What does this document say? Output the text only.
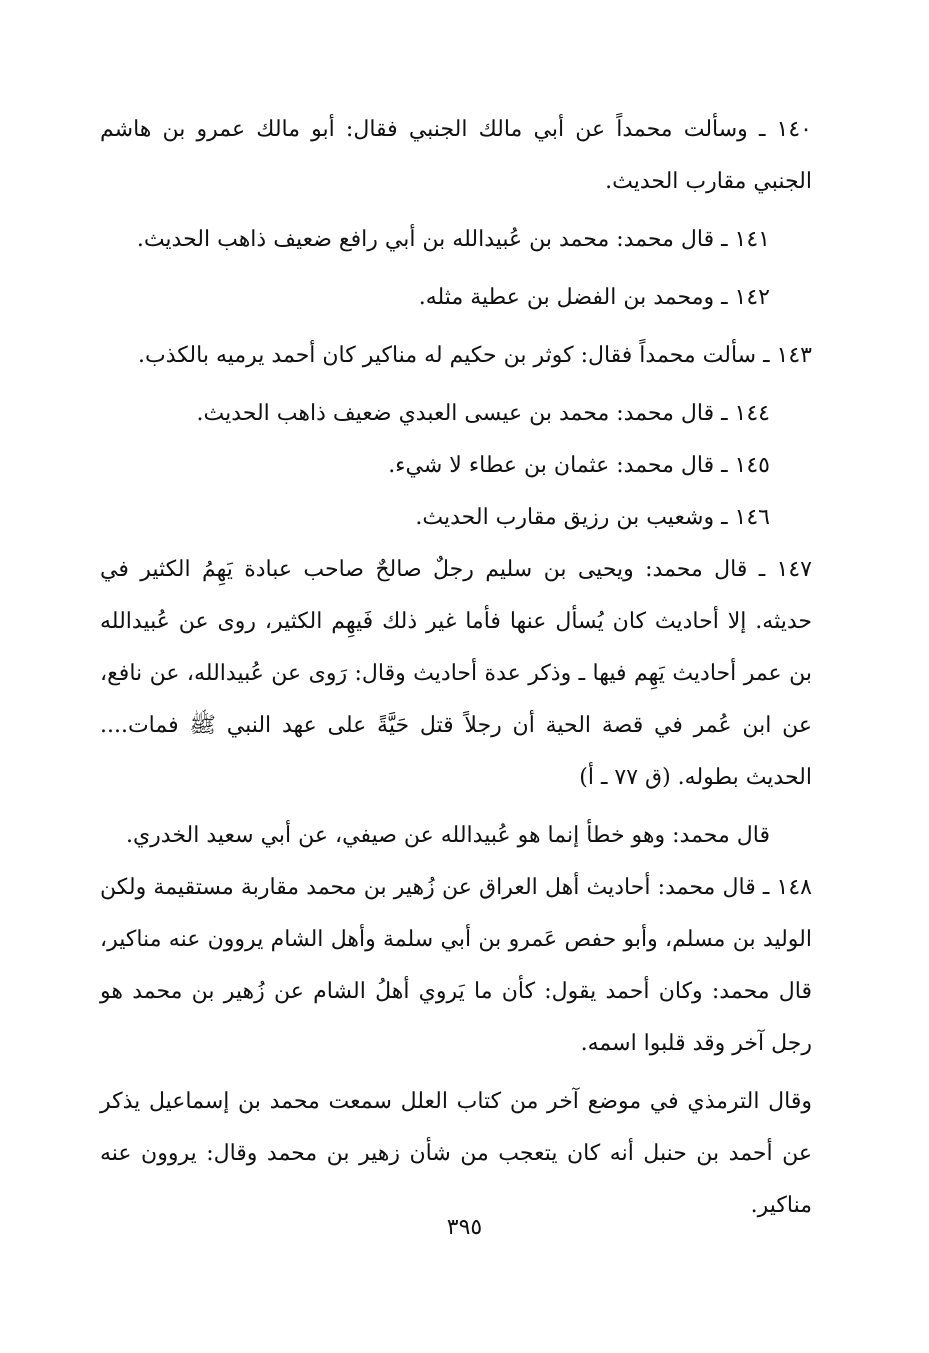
١٤٠ ـ وسألت محمداً عن أبي مالك الجنبي فقال: أبو مالك عمرو بن هاشم الجنبي مقارب الحديث.

١٤١ ـ قال محمد: محمد بن عُبيدالله بن أبي رافع ضعيف ذاهب الحديث.

١٤٢ ـ ومحمد بن الفضل بن عطية مثله.

١٤٣ ـ سألت محمداً فقال: كوثر بن حكيم له مناكير كان أحمد يرميه بالكذب.

١٤٤ ـ قال محمد: محمد بن عيسى العبدي ضعيف ذاهب الحديث.

١٤٥ ـ قال محمد: عثمان بن عطاء لا شيء.

١٤٦ ـ وشعيب بن رزيق مقارب الحديث.

١٤٧ ـ قال محمد: ويحيى بن سليم رجلٌ صالحٌ صاحب عبادة يَهِمُ الكثير في حديثه. إلا أحاديث كان يُسأل عنها فأما غير ذلك فَيهِم الكثير، روى عن عُبيدالله بن عمر أحاديث يَهِم فيها ـ وذكر عدة أحاديث وقال: رَوى عن عُبيدالله، عن نافع، عن ابن عُمر في قصة الحية أن رجلاً قتل حَيَّةً على عهد النبي ﷺ فمات.... الحديث بطوله. (ق ٧٧ ـ أ)

قال محمد: وهو خطأ إنما هو عُبيدالله عن صيفي، عن أبي سعيد الخدري.

١٤٨ ـ قال محمد: أحاديث أهل العراق عن زُهير بن محمد مقاربة مستقيمة ولكن الوليد بن مسلم، وأبو حفص عَمرو بن أبي سلمة وأهل الشام يروون عنه مناكير، قال محمد: وكان أحمد يقول: كأن ما يَروي أهلُ الشام عن زُهير بن محمد هو رجل آخر وقد قلبوا اسمه.

وقال الترمذي في موضع آخر من كتاب العلل سمعت محمد بن إسماعيل يذكر عن أحمد بن حنبل أنه كان يتعجب من شأن زهير بن محمد وقال: يروون عنه مناكير.

٣٩٥
